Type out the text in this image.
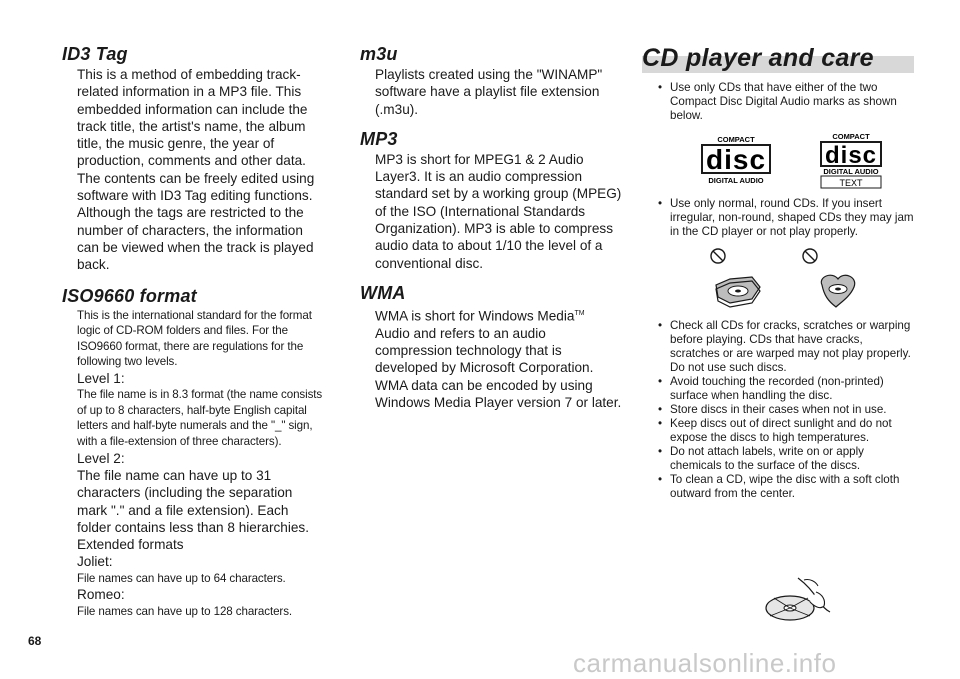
ID3 Tag
This is a method of embedding track-related information in a MP3 file. This embedded information can include the track title, the artist's name, the album title, the music genre, the year of production, comments and other data. The contents can be freely edited using software with ID3 Tag editing functions. Although the tags are restricted to the number of characters, the information can be viewed when the track is played back.
ISO9660 format
This is the international standard for the format logic of CD-ROM folders and files. For the ISO9660 format, there are regulations for the following two levels.
Level 1:
The file name is in 8.3 format (the name consists of up to 8 characters, half-byte English capital letters and half-byte numerals and the "_" sign, with a file-extension of three characters).
Level 2:
The file name can have up to 31 characters (including the separation mark "." and a file extension). Each folder contains less than 8 hierarchies.
Extended formats
Joliet:
File names can have up to 64 characters.
Romeo:
File names can have up to 128 characters.
m3u
Playlists created using the "WINAMP" software have a playlist file extension (.m3u).
MP3
MP3 is short for MPEG1 & 2 Audio Layer3. It is an audio compression standard set by a working group (MPEG) of the ISO (International Standards Organization). MP3 is able to compress audio data to about 1/10 the level of a conventional disc.
WMA
WMA is short for Windows Media™ Audio and refers to an audio compression technology that is developed by Microsoft Corporation. WMA data can be encoded by using Windows Media Player version 7 or later.
CD player and care
• Use only CDs that have either of the two Compact Disc Digital Audio marks as shown below.
COMPACT
disc
DIGITAL AUDIO
COMPACT
disc
DIGITAL AUDIO
TEXT
• Use only normal, round CDs. If you insert irregular, non-round, shaped CDs they may jam in the CD player or not play properly.
• Check all CDs for cracks, scratches or warping before playing. CDs that have cracks, scratches or are warped may not play properly. Do not use such discs.
• Avoid touching the recorded (non-printed) surface when handling the disc.
• Store discs in their cases when not in use.
• Keep discs out of direct sunlight and do not expose the discs to high temperatures.
• Do not attach labels, write on or apply chemicals to the surface of the discs.
• To clean a CD, wipe the disc with a soft cloth outward from the center.
68
carmanualsonline.info
